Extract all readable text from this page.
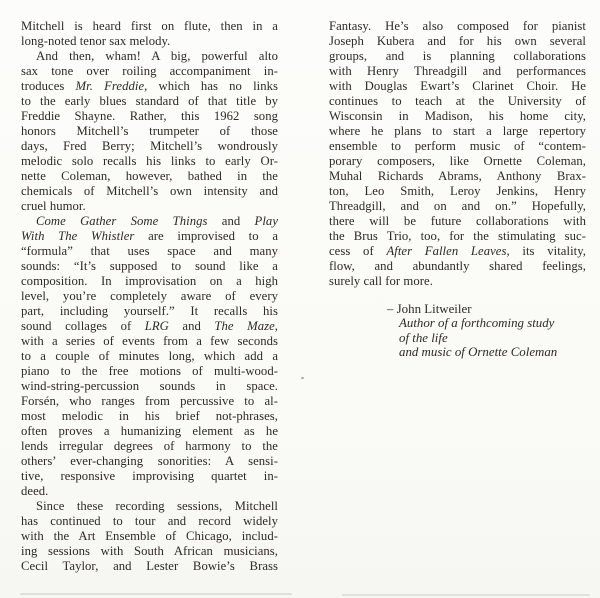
Mitchell is heard first on flute, then in a
long-noted tenor sax melody.
And then, wham! A big, powerful alto
sax tone over roiling accompaniment in-
troduces Mr. Freddie, which has no links
to the early blues standard of that title by
Freddie Shayne. Rather, this 1962 song
honors Mitchell’s trumpeter of those
days, Fred Berry; Mitchell’s wondrously
melodic solo recalls his links to early Or-
nette Coleman, however, bathed in the
chemicals of Mitchell’s own intensity and
cruel humor.
Come Gather Some Things and Play
With The Whistler are improvised to a
“formula” that uses space and many
sounds: “It’s supposed to sound like a
composition. In improvisation on a high
level, you’re completely aware of every
part, including yourself.” It recalls his
sound collages of LRG and The Maze,
with a series of events from a few seconds
to a couple of minutes long, which add a
piano to the free motions of multi-wood-
wind-string-percussion sounds in space.
Forsén, who ranges from percussive to al-
most melodic in his brief not-phrases,
often proves a humanizing element as he
lends irregular degrees of harmony to the
others’ ever-changing sonorities: A sensi-
tive, responsive improvising quartet in-
deed.
Since these recording sessions, Mitchell
has continued to tour and record widely
with the Art Ensemble of Chicago, includ-
ing sessions with South African musicians,
Cecil Taylor, and Lester Bowie’s Brass
Fantasy. He’s also composed for pianist
Joseph Kubera and for his own several
groups, and is planning collaborations
with Henry Threadgill and performances
with Douglas Ewart’s Clarinet Choir. He
continues to teach at the University of
Wisconsin in Madison, his home city,
where he plans to start a large repertory
ensemble to perform music of “contem-
porary composers, like Ornette Coleman,
Muhal Richards Abrams, Anthony Brax-
ton, Leo Smith, Leroy Jenkins, Henry
Threadgill, and on and on.” Hopefully,
there will be future collaborations with
the Brus Trio, too, for the stimulating suc-
cess of After Fallen Leaves, its vitality,
flow, and abundantly shared feelings,
surely call for more.
– John Litweiler
Author of a forthcoming study
of the life
and music of Ornette Coleman
